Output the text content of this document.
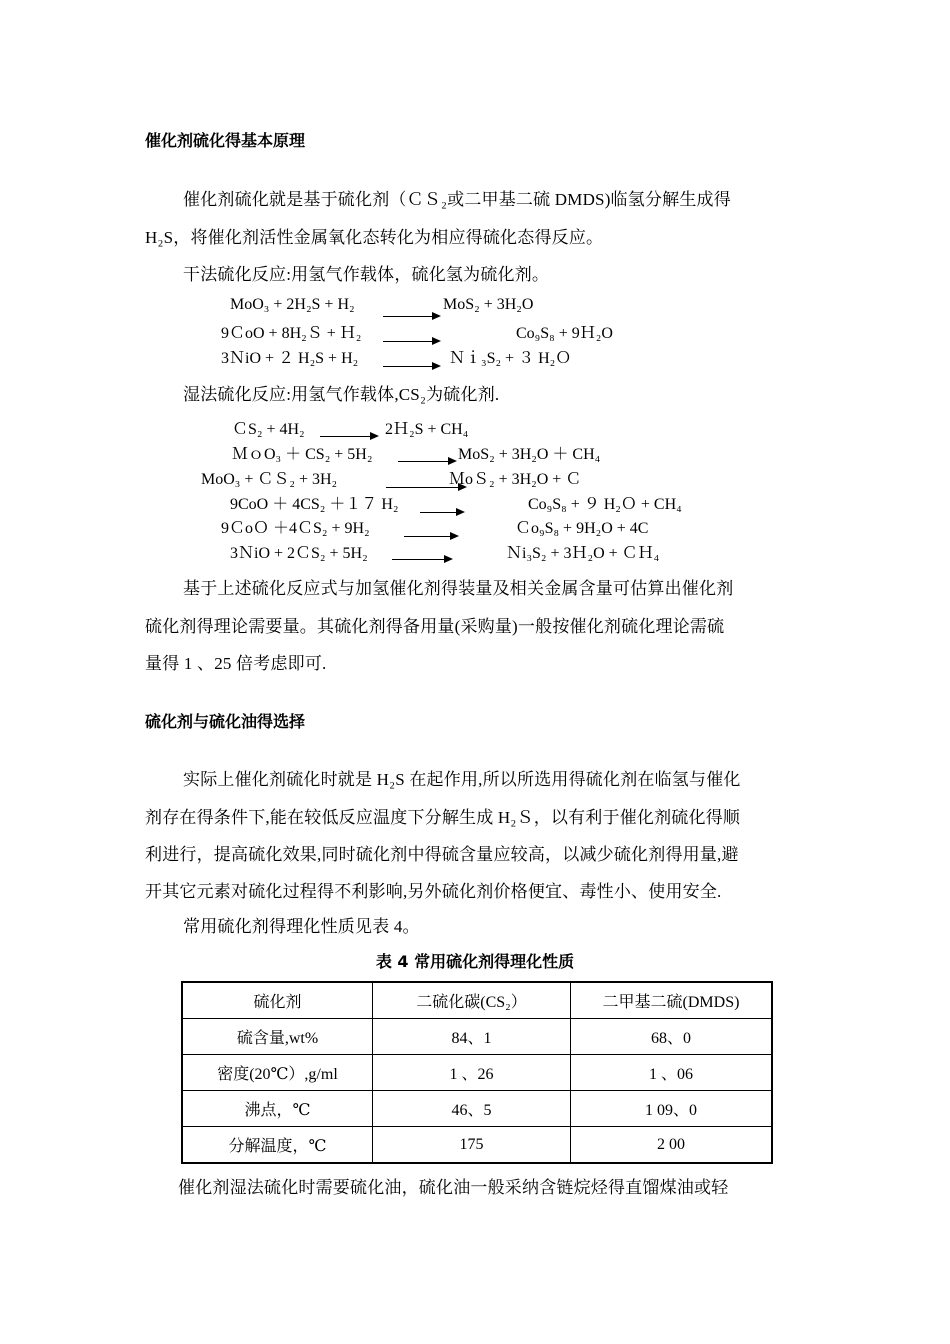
催化剂硫化得基本原理
催化剂硫化就是基于硫化剂（ＣＳ₂或二甲基二硫 DMDS)临氢分解生成得
H₂S，将催化剂活性金属氧化态转化为相应得硫化态得反应。
干法硫化反应:用氢气作载体，硫化氢为硫化剂。
MoO₃ + 2H₂S + H₂	MoS₂ + 3H₂O
9ＣoO + 8H₂Ｓ + Ｈ₂ →	Co₉S₈ + 9Ｈ₂O
3ＮiO + ２ H₂S + H₂ → Ｎｉ₃S₂ + ３ H₂Ｏ
湿法硫化反应:用氢气作载体,CS₂为硫化剂.
ＣS₂ + 4H₂ → 2Ｈ₂S + CH₄
ＭｏO₃ ＋ CS₂ + 5H₂ → MoS₂ + 3H₂O ＋ CH₄
MoO₃ + ＣＳ₂ + 3H₂	ＭoＳ₂ + 3H₂O + Ｃ
9CoO ＋ 4CS₂ ＋１７ H₂ →	Co₉S₈ + ９ H₂Ｏ + CH₄
9ＣoＯ ＋4ＣS₂ + 9H₂	Ｃo₉S₈ + 9H₂O + 4C
3ＮiO + 2ＣS₂ + 5H₂	Ｎi₃S₂ + 3Ｈ₂O + ＣＨ₄
基于上述硫化反应式与加氢催化剂得装量及相关金属含量可估算出催化剂
硫化剂得理论需要量。其硫化剂得备用量(采购量)一般按催化剂硫化理论需硫
量得 1 、25 倍考虑即可.
硫化剂与硫化油得选择
实际上催化剂硫化时就是 H₂S 在起作用,所以所选用得硫化剂在临氢与催化
剂存在得条件下,能在较低反应温度下分解生成 H₂Ｓ，以有利于催化剂硫化得顺
利进行，提高硫化效果,同时硫化剂中得硫含量应较高，以减少硫化剂得用量,避
开其它元素对硫化过程得不利影响,另外硫化剂价格便宜、毒性小、使用安全.
常用硫化剂得理化性质见表 4。
表 4 常用硫化剂得理化性质
硫化剂	二硫化碳(CS₂）	二甲基二硫(DMDS)
硫含量,wt%	84、1	68、0
密度(20℃）,g/ml	1 、26	1 、06
沸点，℃	46、5	1 09、0
分解温度，℃	175	2 00
催化剂湿法硫化时需要硫化油，硫化油一般采纳含链烷烃得直馏煤油或轻
